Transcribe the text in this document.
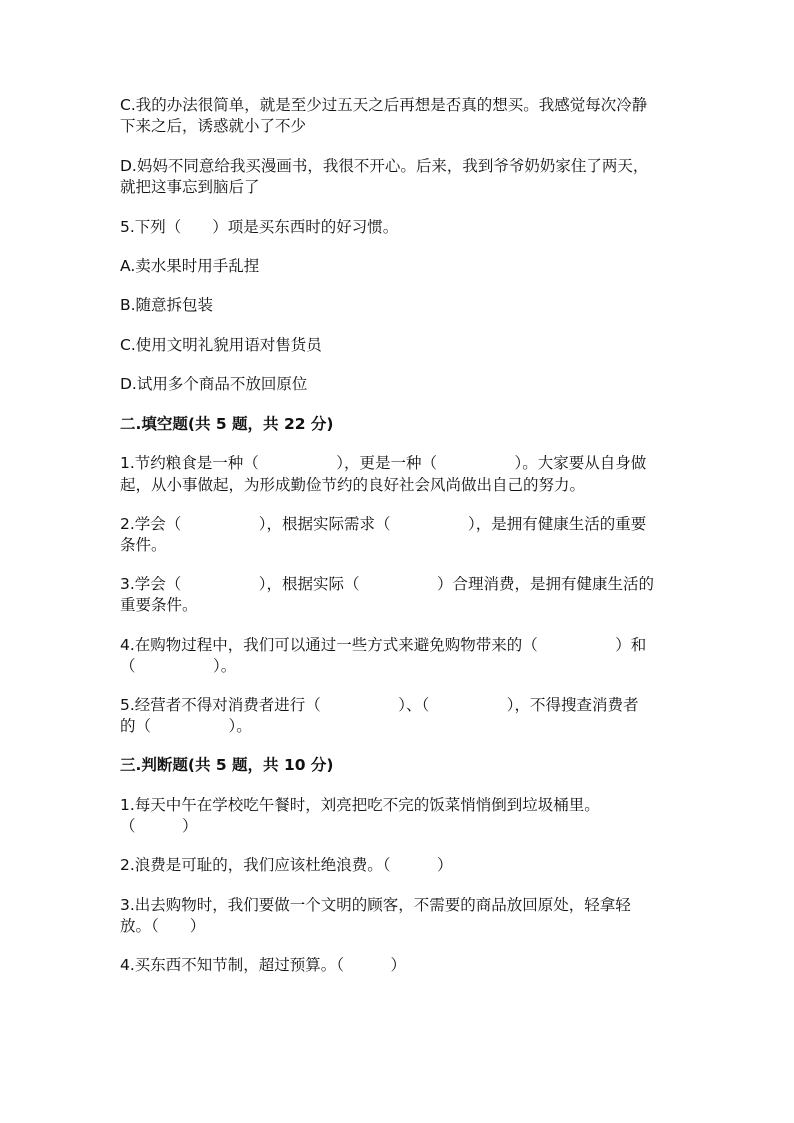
C.我的办法很简单，就是至少过五天之后再想是否真的想买。我感觉每次冷静

下来之后，诱惑就小了不少

D.妈妈不同意给我买漫画书，我很不开心。后来，我到爷爷奶奶家住了两天，

就把这事忘到脑后了

5.下列（　　）项是买东西时的好习惯。

A.卖水果时用手乱捏

B.随意拆包装

C.使用文明礼貌用语对售货员

D.试用多个商品不放回原位

二.填空题(共 5 题，共 22 分)

1.节约粮食是一种（　　　　　），更是一种（　　　　　）。大家要从自身做

起，从小事做起，为形成勤俭节约的良好社会风尚做出自己的努力。

2.学会（　　　　　），根据实际需求（　　　　　），是拥有健康生活的重要

条件。

3.学会（　　　　　），根据实际（　　　　　）合理消费，是拥有健康生活的

重要条件。

4.在购物过程中，我们可以通过一些方式来避免购物带来的（　　　　　）和

（　　　　　）。

5.经营者不得对消费者进行（　　　　　）、（　　　　　），不得搜查消费者

的（　　　　　）。

三.判断题(共 5 题，共 10 分)

1.每天中午在学校吃午餐时，刘亮把吃不完的饭菜悄悄倒到垃圾桶里。

（　　　）

2.浪费是可耻的，我们应该杜绝浪费。（　　　）

3.出去购物时，我们要做一个文明的顾客，不需要的商品放回原处，轻拿轻

放。（　　）

4.买东西不知节制，超过预算。（　　　）
